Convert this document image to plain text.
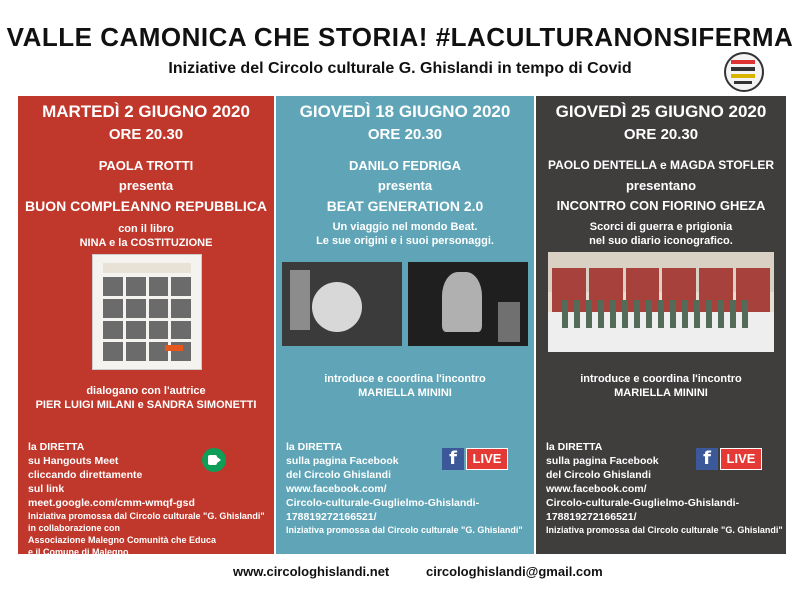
VALLE CAMONICA CHE STORIA! #LACULTURANONSIFERMA
Iniziative del Circolo culturale G. Ghislandi in tempo di Covid
MARTEDÌ 2 GIUGNO 2020
ORE 20.30
PAOLA TROTTI
presenta
BUON COMPLEANNO REPUBBLICA
con il libro
NINA e la COSTITUZIONE
dialogano con l'autrice
PIER LUIGI MILANI e SANDRA SIMONETTI
la DIRETTA
su Hangouts Meet
cliccando direttamente
sul link
meet.google.com/cmm-wmqf-gsd
Iniziativa promossa dal Circolo culturale "G. Ghislandi"
in collaborazione con
Associazione Malegno Comunità che Educa
e il Comune di Malegno
GIOVEDÌ 18 GIUGNO 2020
ORE 20.30
DANILO FEDRIGA
presenta
BEAT GENERATION 2.0
Un viaggio nel mondo Beat.
Le sue origini e i suoi personaggi.
introduce e coordina l'incontro
MARIELLA MININI
la DIRETTA
sulla pagina Facebook
del Circolo Ghislandi
www.facebook.com/
Circolo-culturale-Guglielmo-Ghislandi-
178819272166521/
f	LIVE
Iniziativa promossa dal Circolo culturale "G. Ghislandi"
GIOVEDÌ 25 GIUGNO 2020
ORE 20.30
PAOLO DENTELLA e MAGDA STOFLER
presentano
INCONTRO CON FIORINO GHEZA
Scorci di guerra e prigionia
nel suo diario iconografico.
introduce e coordina l'incontro
MARIELLA MININI
la DIRETTA
sulla pagina Facebook
del Circolo Ghislandi
www.facebook.com/
Circolo-culturale-Guglielmo-Ghislandi-
178819272166521/
f	LIVE
Iniziativa promossa dal Circolo culturale "G. Ghislandi"
www.circologhislandi.net	circologhislandi@gmail.com
